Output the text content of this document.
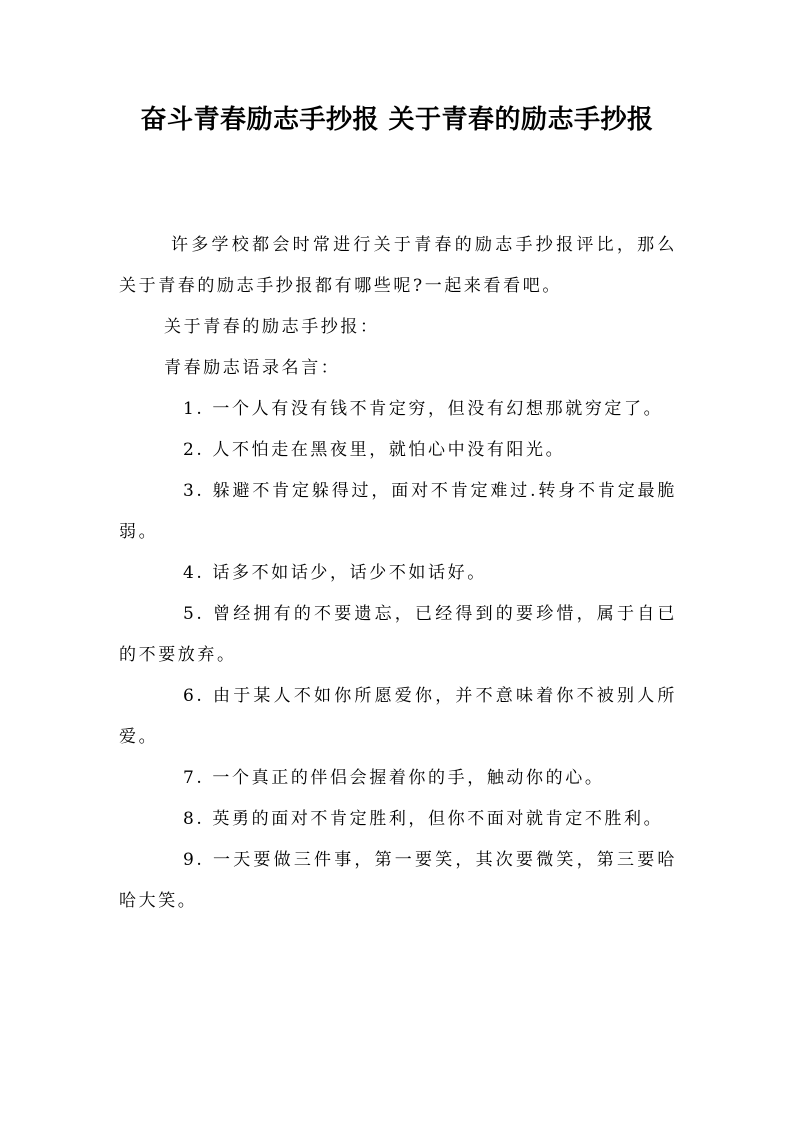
奋斗青春励志手抄报 关于青春的励志手抄报

许多学校都会时常进行关于青春的励志手抄报评比，那么关于青春的励志手抄报都有哪些呢?一起来看看吧。

关于青春的励志手抄报：

青春励志语录名言：

1. 一个人有没有钱不肯定穷，但没有幻想那就穷定了。

2. 人不怕走在黑夜里，就怕心中没有阳光。

3. 躲避不肯定躲得过，面对不肯定难过.转身不肯定最脆弱。

4. 话多不如话少，话少不如话好。

5. 曾经拥有的不要遗忘，已经得到的要珍惜，属于自已的不要放弃。

6. 由于某人不如你所愿爱你，并不意味着你不被别人所爱。

7. 一个真正的伴侣会握着你的手，触动你的心。

8. 英勇的面对不肯定胜利，但你不面对就肯定不胜利。

9. 一天要做三件事，第一要笑，其次要微笑，第三要哈哈大笑。
